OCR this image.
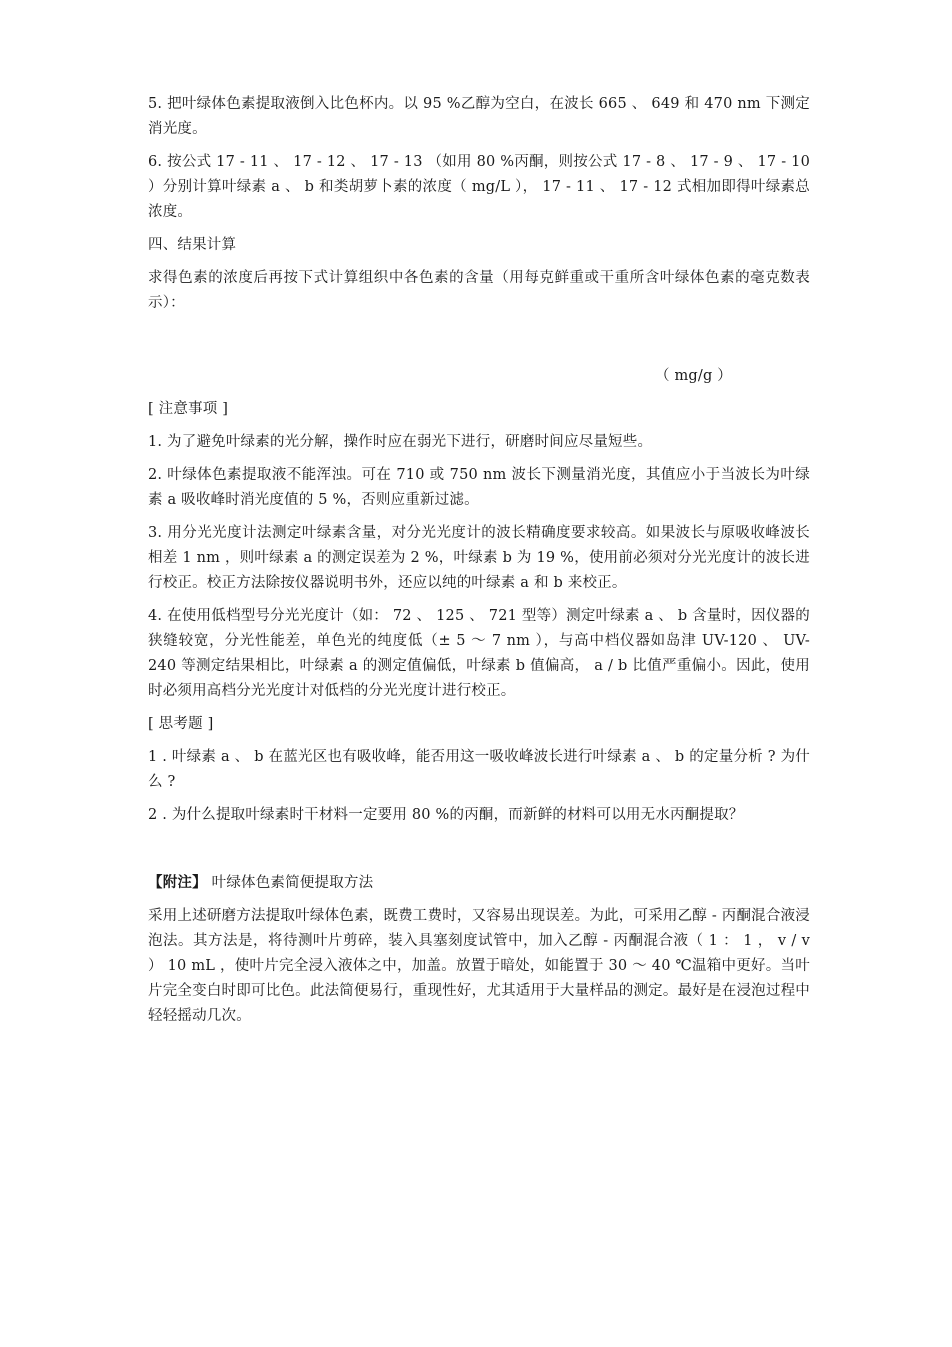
5. 把叶绿体色素提取液倒入比色杯内。以 95 %乙醇为空白，在波长 665 、 649 和 470 nm 下测定消光度。

6. 按公式 17 - 11 、 17 - 12 、 17 - 13 （如用 80 %丙酮，则按公式 17 - 8 、 17 - 9 、 17 - 10 ）分别计算叶绿素 a 、 b 和类胡萝卜素的浓度（ mg/L ）， 17 - 11 、 17 - 12 式相加即得叶绿素总浓度。

四、结果计算

求得色素的浓度后再按下式计算组织中各色素的含量（用每克鲜重或干重所含叶绿体色素的毫克数表示）：

（ mg/g ）

[ 注意事项 ]

1. 为了避免叶绿素的光分解，操作时应在弱光下进行，研磨时间应尽量短些。

2. 叶绿体色素提取液不能浑浊。可在 710 或 750 nm 波长下测量消光度，其值应小于当波长为叶绿素 a 吸收峰时消光度值的 5 %，否则应重新过滤。

3. 用分光光度计法测定叶绿素含量，对分光光度计的波长精确度要求较高。如果波长与原吸收峰波长相差 1 nm ，则叶绿素 a 的测定误差为 2 %，叶绿素 b 为 19 %，使用前必须对分光光度计的波长进行校正。校正方法除按仪器说明书外，还应以纯的叶绿素 a 和 b 来校正。

4. 在使用低档型号分光光度计（如： 72 、 125 、 721 型等）测定叶绿素 a 、 b 含量时，因仪器的狭缝较宽，分光性能差，单色光的纯度低（± 5 ～ 7 nm ），与高中档仪器如岛津 UV-120 、 UV-240 等测定结果相比，叶绿素 a 的测定值偏低，叶绿素 b 值偏高， a / b 比值严重偏小。因此，使用时必须用高档分光光度计对低档的分光光度计进行校正。

[ 思考题 ]

1 . 叶绿素 a 、 b 在蓝光区也有吸收峰，能否用这一吸收峰波长进行叶绿素 a 、 b 的定量分析 ? 为什么 ?

2 . 为什么提取叶绿素时干材料一定要用 80 %的丙酮，而新鲜的材料可以用无水丙酮提取？

【附注】 叶绿体色素简便提取方法

采用上述研磨方法提取叶绿体色素，既费工费时，又容易出现误差。为此，可采用乙醇 - 丙酮混合液浸泡法。其方法是，将待测叶片剪碎，装入具塞刻度试管中，加入乙醇 - 丙酮混合液（ 1 ： 1 ， v / v ） 10 mL ，使叶片完全浸入液体之中，加盖。放置于暗处，如能置于 30 ～ 40 ℃温箱中更好。当叶片完全变白时即可比色。此法简便易行，重现性好，尤其适用于大量样品的测定。最好是在浸泡过程中轻轻摇动几次。
